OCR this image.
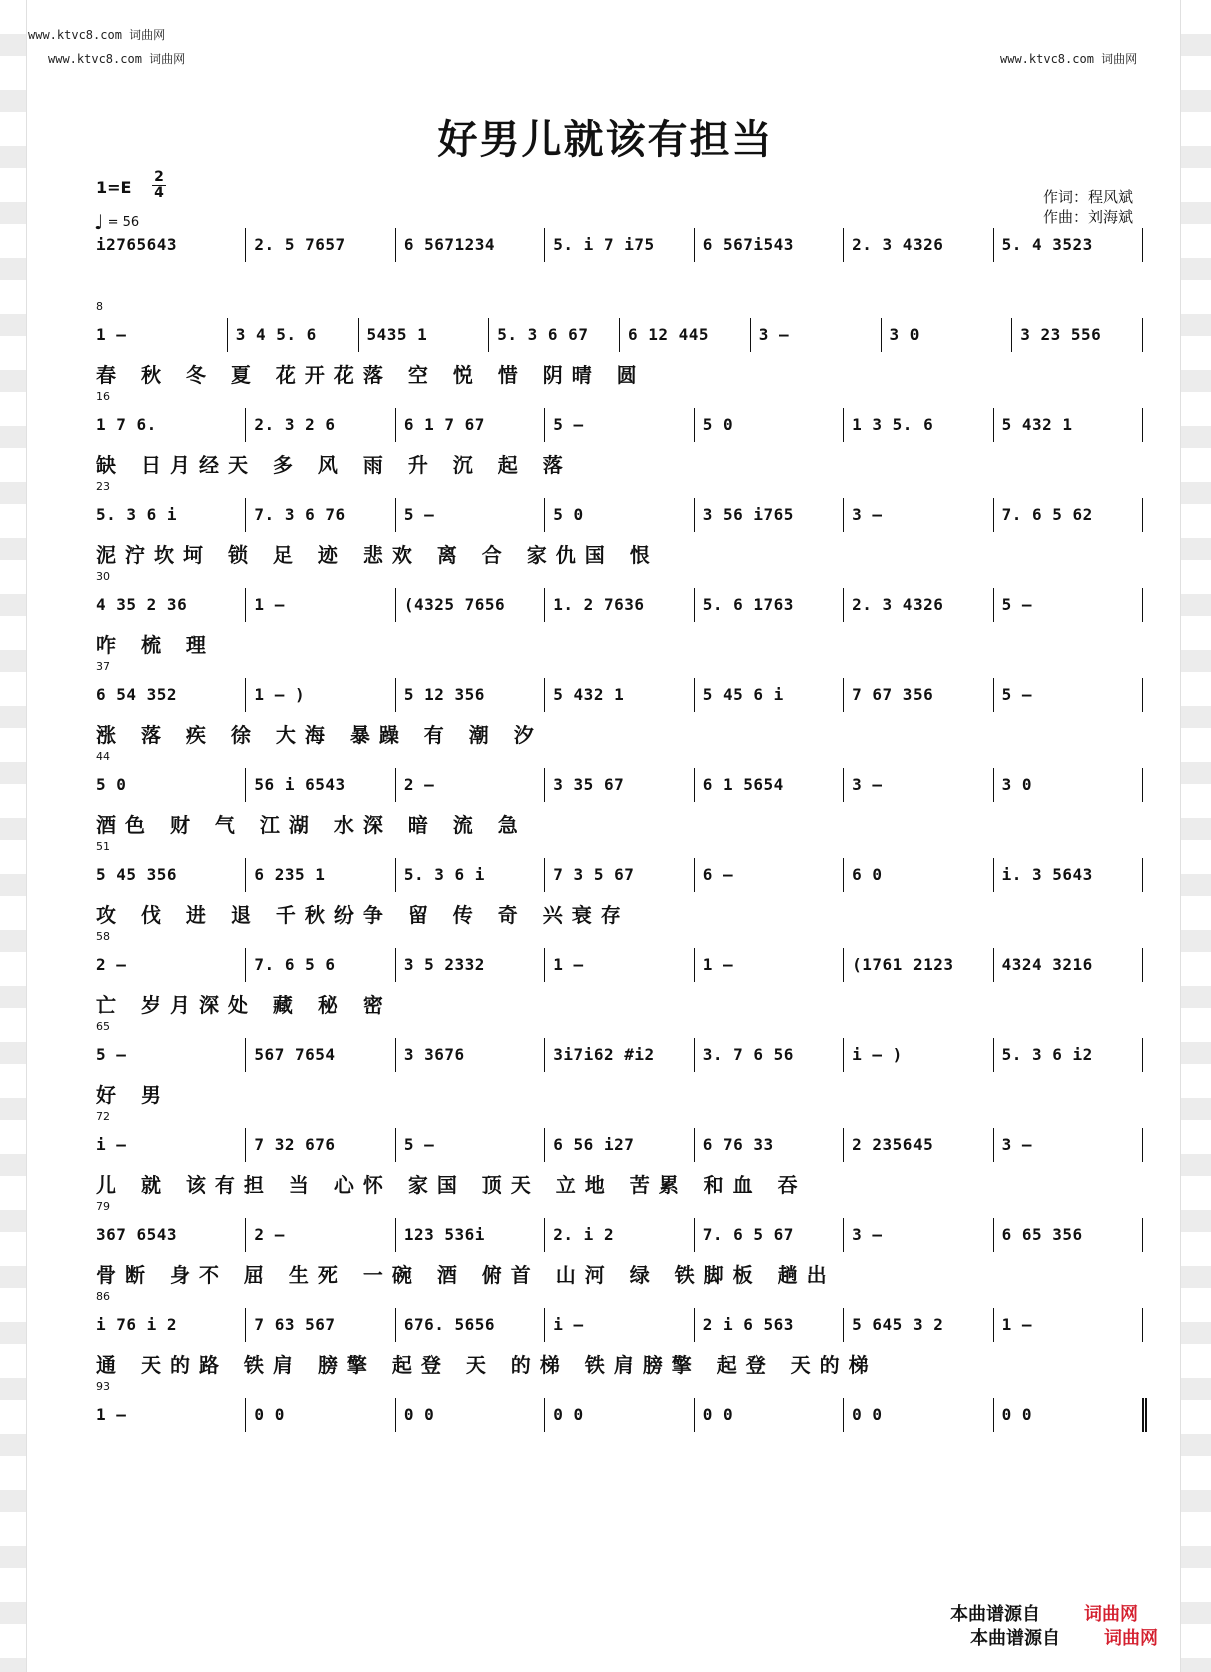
www.ktvc8.com 词曲网
www.ktvc8.com 词曲网	www.ktvc8.com 词曲网
好男儿就该有担当
1=E
2
4
♩ = 56
作词：程风斌
作曲：刘海斌
i2765643	2. 5 7657	6 5671234	5. i 7 i75	6 567i543	2. 3 4326	5. 4 3523
8
1 –	3 4 5. 6	5435 1	5. 3 6 67	6 12 445	3 –	3 0	3 23 556
春 秋 冬 夏 花开花落 空 悦 惜 阴晴 圆
16
1 7 6.	2. 3 2 6	6 1 7 67	5 –	5 0	1 3 5. 6	5 432 1
缺 日月经天 多 风 雨 升 沉 起 落
23
5. 3 6 i	7. 3 6 76	5 –	5 0	3 56 i765	3 –	7. 6 5 62
泥泞坎坷 锁 足 迹 悲欢 离 合 家仇国 恨
30
4 35 2 36	1 –	(4325 7656	1. 2 7636	5. 6 1763	2. 3 4326	5 –
咋 梳 理
37
6 54 352	1 – )	5 12 356	5 432 1	5 45 6 i	7 67 356	5 –
涨 落 疾 徐 大海 暴躁 有 潮 汐
44
5 0	56 i 6543	2 –	3 35 67	6 1 5654	3 –	3 0
酒色 财 气 江湖 水深 暗 流 急
51
5 45 356	6 235 1	5. 3 6 i	7 3 5 67	6 –	6 0	i. 3 5643
攻 伐 进 退 千秋纷争 留 传 奇 兴衰存
58
2 –	7. 6 5 6	3 5 2332	1 –	1 –	(1761 2123	4324 3216
亡 岁月深处 藏 秘 密
65
5 –	567 7654	3 3676	3i7i62 #i2	3. 7 6 56	i – )	5. 3 6 i2
好 男
72
i –	7 32 676	5 –	6 56 i27	6 76 33	2 235645	3 –
儿 就 该有担 当 心怀 家国 顶天 立地 苦累 和血 吞
79
367 6543	2 –	123 536i	2. i 2	7. 6 5 67	3 –	6 65 356
骨断 身不 屈 生死 一碗 酒 俯首 山河 绿 铁脚板 趟出
86
i 76 i 2	7 63 567	676. 5656	i –	2 i 6 563	5 645 3 2	1 –
通 天的路 铁肩 膀擎 起登 天 的梯 铁肩膀擎 起登 天的梯
93
1 –	0 0	0 0	0 0	0 0	0 0	0 0
本曲谱源自 词曲网
本曲谱源自 词曲网
